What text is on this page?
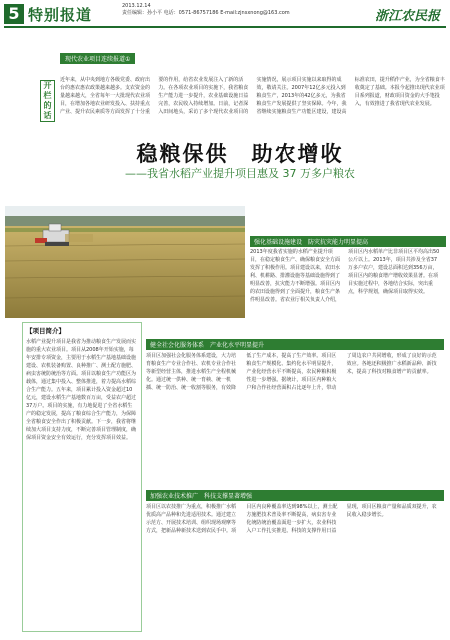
5 特别报道	2013.12.14
责任编辑：孙小平 电话：0571-86757186 E-mail:zjnsxnong@163.com	浙江农民报
现代农业项目连续报道①
开栏的话
近年来，从中央到地方各级党委、政府出台的惠农惠农政策越来越多。支农资金的量越来越大，全省每年一大批现代农业项目，在增加各地农业研发投入、扶持重点产业、提升农民素质等方面发挥了十分重要的作用，给省农业发展注入了新的活力。在各项农业项目的实施下，我省粮食生产能力进一步提升，农业基础设施日益完善，农民收入持续增加。日前，记者深入田间地头，采访了多个现代农业项目的实施情况，展示项目实施以来取得的成效，敬请关注。2007年12亿多元投入到粮食生产，2013年的42亿多元，为我省粮食生产发展提供了坚实保障。今年，我省继续实施粮食生产功能区建设，建设高标准农田，提升稻作产业，为全省粮食丰收奠定了基础。本报今起推出现代农业项目系列报道，财政项目资金的大手笔投入，有效推进了我省现代农业发展。
稳粮保供　助农增收
——我省水稻产业提升项目惠及 37 万多户粮农
强化基础设施建设　防灾抗灾能力明显提高
2013年度我省实施的水稻产业提升项目，在稳定粮食生产、确保粮食安全方面发挥了积极作用。项目建设以来，农田水利、机耕路、排灌设施等基础设施得到了明显改善，抗灾能力不断增强。项目区内的农田设施得到了全面提升，粮食生产条件明显改善。省农业厅相关负责人介绍，项目区内水稻单产比非项目区平均高出50公斤以上。2013年，项目共涉及全省37万多户农户，建设总面积达到356万亩，项目区内的粮食增产增收效果显著。在项目实施过程中，各地结合实际，突出重点，科学规划，确保项目取得实效。
【项目简介】
水稻产业提升项目是我省为推动粮食生产发展而实施的重大农业项目。项目从2008年开始实施，每年安排专项资金，主要用于水稻生产基地基础设施建设、农机装备购置、良种推广、测土配方施肥、病虫害统防统治等方面。项目以粮食生产功能区为载体，通过集中投入、整体推进，着力提高水稻综合生产能力。五年来，项目累计投入资金超过10亿元，建设水稻生产基地数百万亩，受益农户超过37万户。项目的实施，有力地促进了全省水稻生产的稳定发展，提高了粮食综合生产能力，为保障全省粮食安全作出了积极贡献。下一步，我省将继续加大项目支持力度，不断完善项目管理制度，确保项目资金安全有效运行，充分发挥项目效益。
健全社会化服务体系　产业化水平明显提升
项目区加强社会化服务体系建设，大力培育粮食生产专业合作社、农机专业合作社等新型经营主体，推进水稻生产全程机械化。通过统一供种、统一育秧、统一机插、统一防治、统一收割等服务，有效降低了生产成本，提高了生产效率。项目区粮食生产规模化、集约化水平明显提升，产业化经营水平不断提高，农民种粮积极性进一步增强。据统计，项目区内种粮大户和合作社经营面积占比逐年上升，带动了周边农户共同增收，形成了良好的示范效应。各地还积极推广水稻新品种、新技术，提高了科技对粮食增产的贡献率。
加强农业技术推广　科技支撑显著增强
项目区以农技推广为重点，积极推广水稻优质高产品种和先进适用技术。通过建立示范方、开展技术培训、组织现场观摩等方式，把新品种新技术送到农民手中。项目区内良种覆盖率达到98%以上，测土配方施肥技术普及率不断提高，病虫害专业化统防统治覆盖面进一步扩大，农业科技入户工作扎实推进。科技的支撑作用日益显现，项目区粮食产量和品质双提升，农民收入稳步增长。
